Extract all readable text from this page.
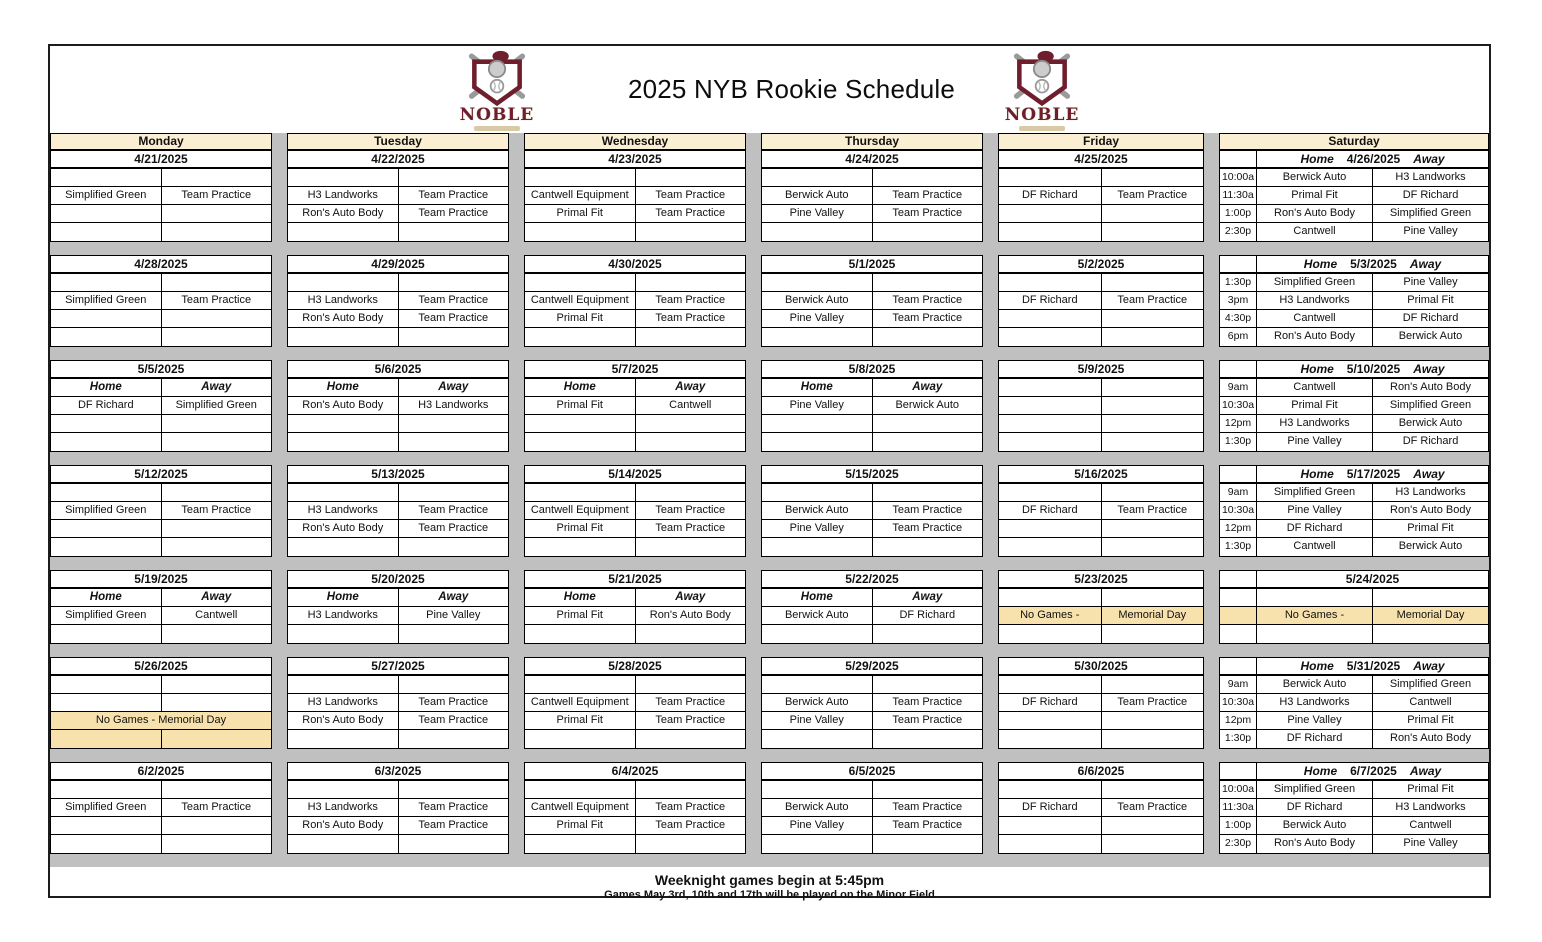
NOBLE
2025 NYB Rookie Schedule
NOBLE
Monday	Tuesday	Wednesday	Thursday	Friday	Saturday
4/21/2025
Simplified Green	Team Practice
4/22/2025
H3 Landworks	Team Practice
Ron's Auto Body	Team Practice
4/23/2025
Cantwell Equipment	Team Practice
Primal Fit	Team Practice
4/24/2025
Berwick Auto	Team Practice
Pine Valley	Team Practice
4/25/2025
DF Richard	Team Practice
Home 4/26/2025 Away
10:00a	Berwick Auto	H3 Landworks
11:30a	Primal Fit	DF Richard
1:00p	Ron's Auto Body	Simplified Green
2:30p	Cantwell	Pine Valley
4/28/2025
Simplified Green	Team Practice
4/29/2025
H3 Landworks	Team Practice
Ron's Auto Body	Team Practice
4/30/2025
Cantwell Equipment	Team Practice
Primal Fit	Team Practice
5/1/2025
Berwick Auto	Team Practice
Pine Valley	Team Practice
5/2/2025
DF Richard	Team Practice
Home 5/3/2025 Away
1:30p	Simplified Green	Pine Valley
3pm	H3 Landworks	Primal Fit
4:30p	Cantwell	DF Richard
6pm	Ron's Auto Body	Berwick Auto
5/5/2025
Home	Away
DF Richard	Simplified Green
5/6/2025
Home	Away
Ron's Auto Body	H3 Landworks
5/7/2025
Home	Away
Primal Fit	Cantwell
5/8/2025
Home	Away
Pine Valley	Berwick Auto
5/9/2025	Home 5/10/2025 Away
9am	Cantwell	Ron's Auto Body
10:30a	Primal Fit	Simplified Green
12pm	H3 Landworks	Berwick Auto
1:30p	Pine Valley	DF Richard
5/12/2025
Simplified Green	Team Practice
5/13/2025
H3 Landworks	Team Practice
Ron's Auto Body	Team Practice
5/14/2025
Cantwell Equipment	Team Practice
Primal Fit	Team Practice
5/15/2025
Berwick Auto	Team Practice
Pine Valley	Team Practice
5/16/2025
DF Richard	Team Practice
Home 5/17/2025 Away
9am	Simplified Green	H3 Landworks
10:30a	Pine Valley	Ron's Auto Body
12pm	DF Richard	Primal Fit
1:30p	Cantwell	Berwick Auto
5/19/2025
Home	Away
Simplified Green	Cantwell
5/20/2025
Home	Away
H3 Landworks	Pine Valley
5/21/2025
Home	Away
Primal Fit	Ron's Auto Body
5/22/2025
Home	Away
Berwick Auto	DF Richard
5/23/2025
No Games -	Memorial Day
5/24/2025
No Games -	Memorial Day
5/26/2025
No Games - Memorial Day
5/27/2025
H3 Landworks	Team Practice
Ron's Auto Body	Team Practice
5/28/2025
Cantwell Equipment	Team Practice
Primal Fit	Team Practice
5/29/2025
Berwick Auto	Team Practice
Pine Valley	Team Practice
5/30/2025
DF Richard	Team Practice
Home 5/31/2025 Away
9am	Berwick Auto	Simplified Green
10:30a	H3 Landworks	Cantwell
12pm	Pine Valley	Primal Fit
1:30p	DF Richard	Ron's Auto Body
6/2/2025
Simplified Green	Team Practice
6/3/2025
H3 Landworks	Team Practice
Ron's Auto Body	Team Practice
6/4/2025
Cantwell Equipment	Team Practice
Primal Fit	Team Practice
6/5/2025
Berwick Auto	Team Practice
Pine Valley	Team Practice
6/6/2025
DF Richard	Team Practice
Home 6/7/2025 Away
10:00a	Simplified Green	Primal Fit
11:30a	DF Richard	H3 Landworks
1:00p	Berwick Auto	Cantwell
2:30p	Ron's Auto Body	Pine Valley
Weeknight games begin at 5:45pm
Games May 3rd, 10th and 17th will be played on the Minor Field
